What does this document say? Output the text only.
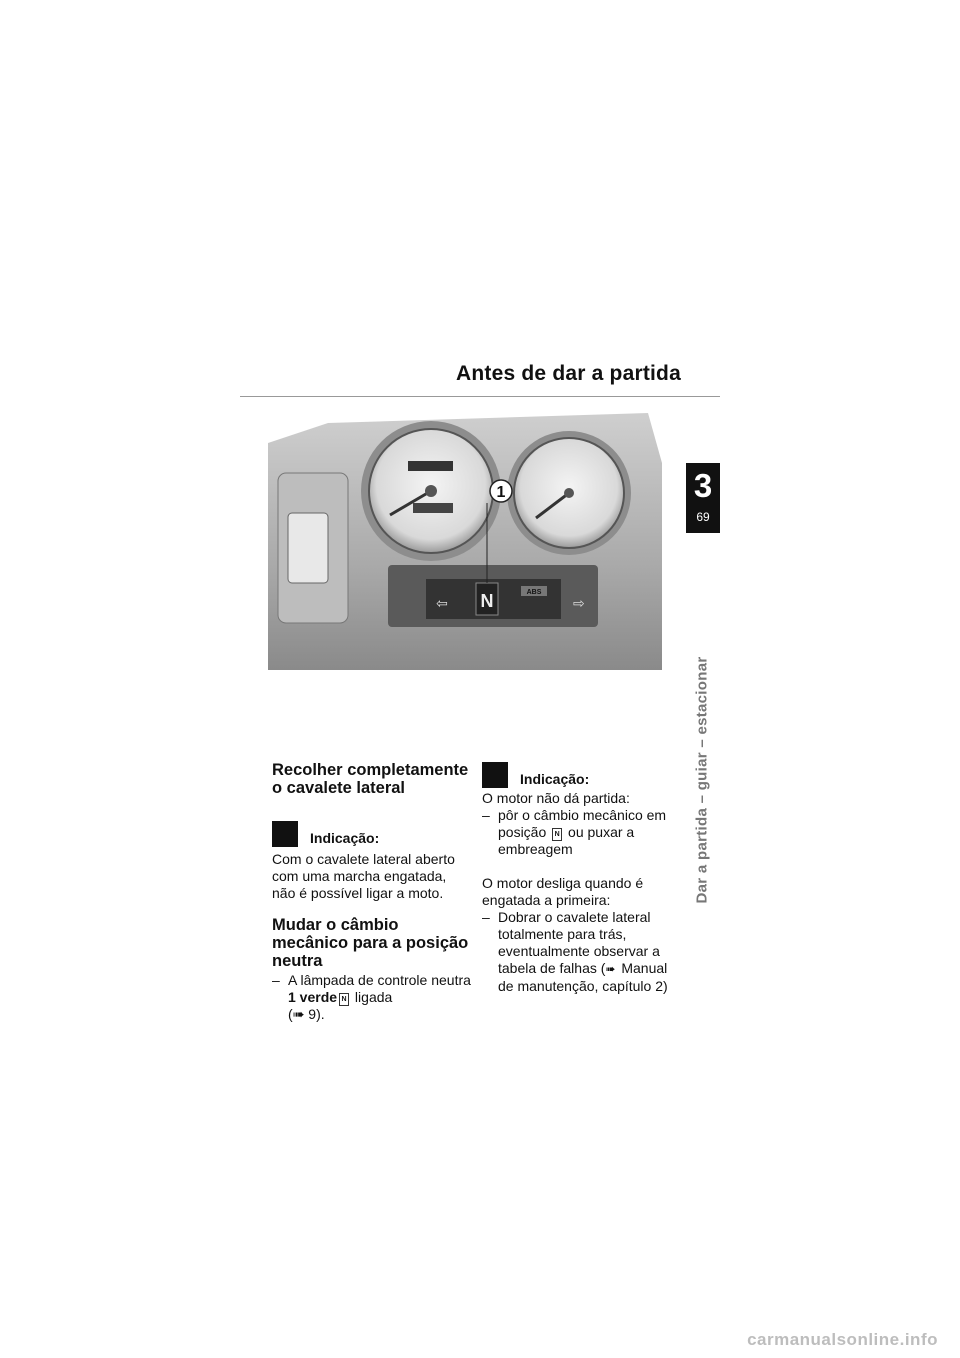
Antes de dar a partida
3
69
Dar a partida – guiar – estacionar
N	ABS
⇦	⇨
1
Recolher completamente o cavalete lateral
Indicação:

Com o cavalete lateral aberto com uma marcha engatada, não é possível ligar a moto.

Mudar o câmbio mecânico para a posição neutra
– A lâmpada de controle neutra 1 verde N ligada
(➠ 9).
Indicação:

O motor não dá partida:

– pôr o câmbio mecânico em posição N ou puxar a embreagem

O motor desliga quando é engatada a primeira:

– Dobrar o cavalete lateral totalmente para trás, eventualmente observar a tabela de falhas (➠ Manual de manutenção, capítulo 2)
carmanualsonline.info
